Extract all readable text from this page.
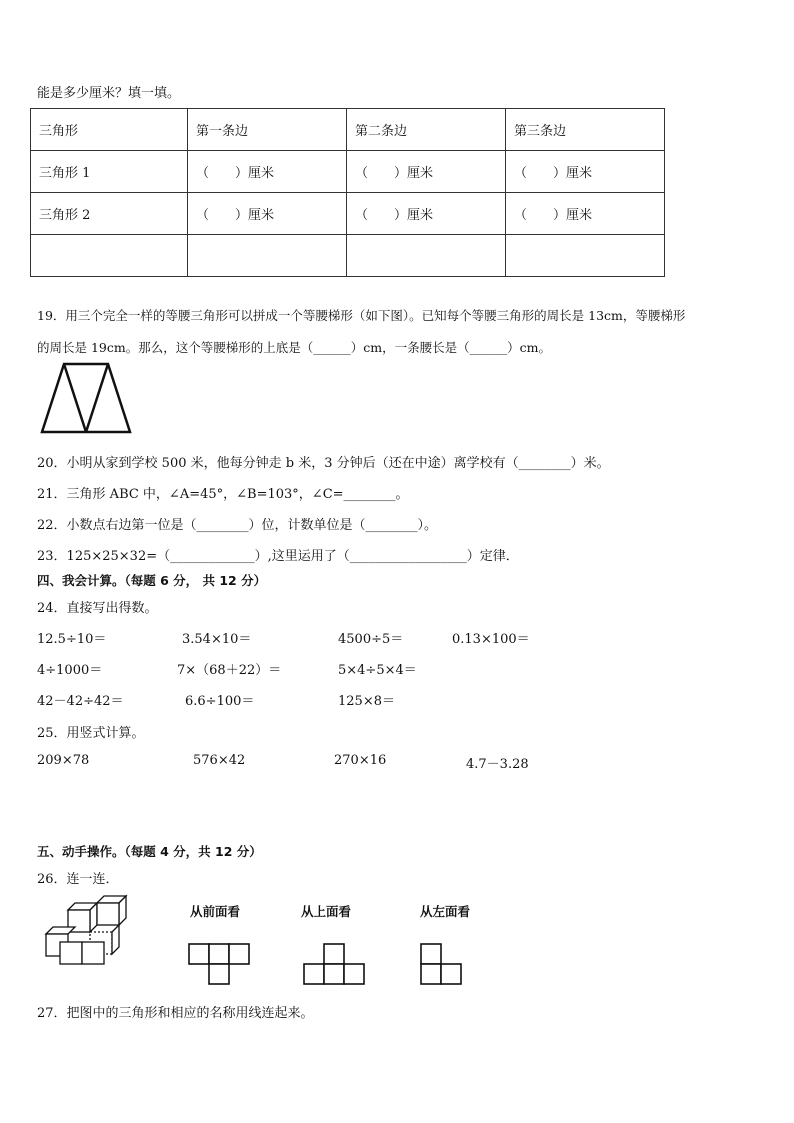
能是多少厘米？填一填。
三角形	第一条边	第二条边	第三条边
三角形 1	（　　）厘米	（　　）厘米	（　　）厘米
三角形 2	（　　）厘米	（　　）厘米	（　　）厘米

19．用三个完全一样的等腰三角形可以拼成一个等腰梯形（如下图）。已知每个等腰三角形的周长是 13cm，等腰梯形
的周长是 19cm。那么，这个等腰梯形的上底是（______）cm，一条腰长是（______）cm。
20．小明从家到学校 500 米，他每分钟走 b 米，3 分钟后（还在中途）离学校有（________）米。
21．三角形 ABC 中，∠A=45°，∠B=103°，∠C=________。
22．小数点右边第一位是（________）位，计数单位是（________）。
23．125×25×32=（_____________）,这里运用了（__________________）定律．
四、我会计算。（每题 6 分， 共 12 分）
24．直接写出得数。
12.5÷10＝	3.54×10＝	4500÷5＝	0.13×100＝
4÷1000＝	7×（68＋22）＝	5×4÷5×4＝
42－42÷42＝	6.6÷100＝	125×8＝
25．用竖式计算。
209×78	576×42	270×16	4.7－3.28
五、动手操作。（每题 4 分，共 12 分）
26．连一连．
从前面看	从上面看	从左面看
27．把图中的三角形和相应的名称用线连起来。
